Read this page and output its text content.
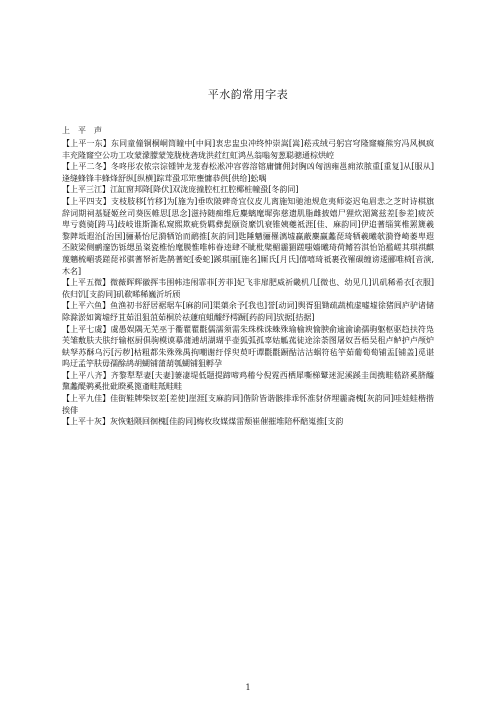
平水韵常用字表
上　平　声

【上平一东】东同童僮铜桐峒筒瞳中[中间]衷忠盅虫冲终忡崇嵩[嵩]菘戎绒弓躬宫穹隆窿癃熊穷冯风枫疯丰充隆窿空公功工攻蒙濛朦蒙笼胧栊砻珑洪荭红虹鸿丛翁嗡匆葱聪骢通棕烘崆

【上平二冬】冬咚彤农侬宗淙锺钟龙茏舂松凇冲容蓉溶镕庸慵佣封胸凶匈汹雍邕痈浓脓重[重复]从[服从]逢缝蜂锋丰蜂烽舒纵[纵横]踪茸蛩邛筇壅慵恭供[供给]蚣喁

【上平三江】江缸窗邦降[降伏]双泷庞撞腔杠扛腔椰桩幢蛩[冬韵同]

【上平四支】支枝肢移[竹移]为[施为]垂吹陂碑奇宜仪皮儿离施知驰池规危夷师姿迟龟眉悲之芝时诗棋旗辞词期祠基疑姬丝司葵医帷思[思念]滋持随痴维卮麋螭麾墀弥慈遗肌脂雌披嬉尸狸炊湄篱兹差[参差]疲茨卑亏蕤骑[跨马]歧岐谁斯澌私窥熙欺疵赀羁彝髭颐资縻饥衰锥姨夔祗涯[佳、麻韵同]伊追蓍缁箕椎罴篪羲黎陴坻遐治[治国]骊綦怡尼漪牺饴而鸸推[灰韵同]匙陲魑骊罹漓墟赢蔽麇赢蠡琵琦牺羲曦欹漪脊崎萎卑遐丕陂梁侧鹂邃饬铄缌虽粢瓷椎怡麾膜惟唯帏眷逵肆不眦枇檗楣霾猸蹉嗤嫱曦琦荷鳍笞淇怡饴褴嵯其琪祺麒蔑魑梳嵋裘蹉琵祁骐蓍帑祈匙鹊蓍蛇[委蛇]蹊琪丽[施名]厮氏[月氏]僖嘻琦祗裹孜罹碳缠谤逶郦唯椅[音演,木名]

【上平五微】微薇晖辉徽挥韦围帏违闱霏菲[芳菲]妃飞非扉肥威祈畿机几[微也、幼见几]讥矶稀希衣[衣服]依归饥[支韵同]矶欷晞稀巍沂圻颀

【上平六鱼】鱼渔初书舒居裾琚车[麻韵同]渠蕖余予[我也]誉[动词]舆胥狙锄疏蔬梳虚嘘墟徐猪闾庐驴诸储除滁淤如篱墟纾苴茹沮狙菹茹桐於祛蘧疽蛆醵纾樗蹰[药韵同]欤据[拮据]

【上平七虞】虞愚娱隅无芜巫于衢瞿瞿氍儒濡须需朱珠株诛蛛殊瑜榆谀愉腴俞逾渝谕孺驹躯枢驱趋扶符凫芙雏敷肤夫肤纡输枢厨俱驹模谟摹蒲逋胡湖瑚乎壶狐弧孤辜姑觚菰徒途涂荼图屠奴吾梧吴租卢鲈护卢颅炉蚨孥苏酥乌污[污秽]枯粗都朱殊殊禺拘嘲谢纡俘臾萸吁谭氍氍蹰酤沽沽蜗符毡竽茹葡萄萄铺盂[铺盖]觅谌呜迂孟竽肤毋孺酴鸪胡蝴铺蒲葫瓠蝴铺狙孵孕

【上平八齐】齐黎犁犁妻[夫妻]萋凄堤低题提蹄啼鸡稽兮倪霓西栖犀嘶梯鼙迷泥溪蹊圭闺携畦嵇跻奚脐醯黧蠡醍鹈奚批砒睽奚篦齑畦羝畦畦

【上平九佳】佳街鞋牌柴钗差[差使]崖涯[支麻韵同]偕阶皆谐骸排乖怀淮豺侪埋霾斋槐[灰韵同]哇娃蛙楷揩挨俳

【上平十灰】灰恢魁隈回徊槐[佳韵同]梅枚玫媒煤雷颓崔催摧堆陪杯醅嵬推[支韵

1
